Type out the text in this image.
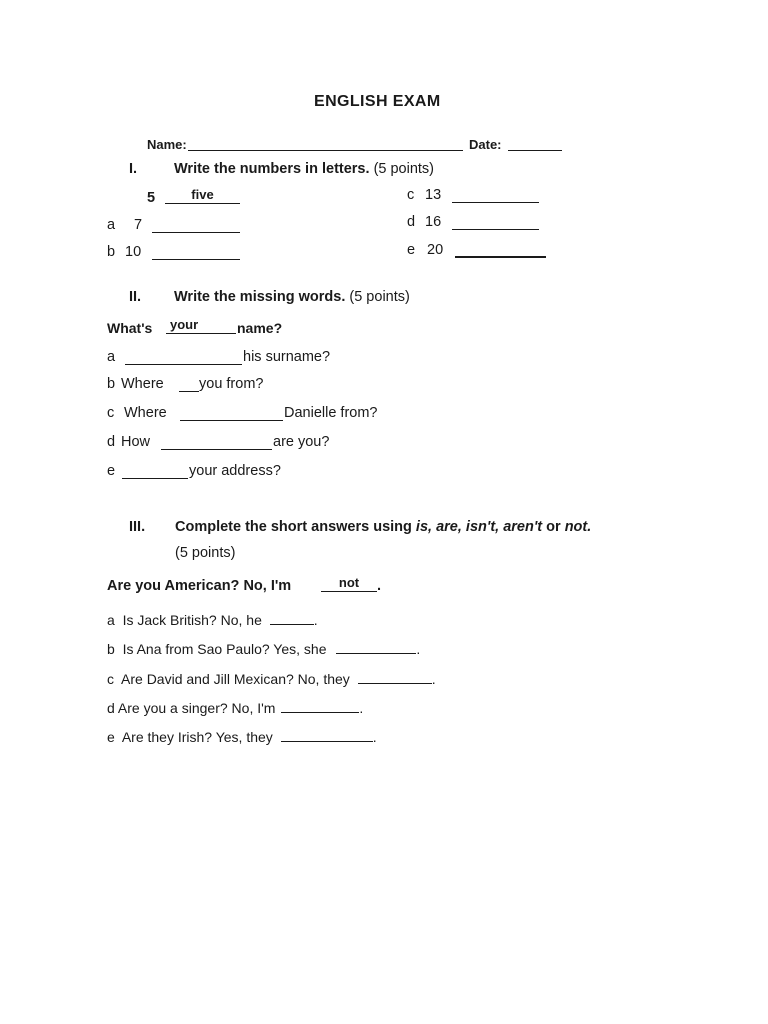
ENGLISH EXAM
Name:	Date:
I.	Write the numbers in letters. (5 points)
5	five
a 7
b 10
c 13
d 16
e 20
II. Write the missing words. (5 points)
What's	your	name?
a	his surname?
b Where you from?
c Where	Danielle from?
d How	are you?
e	your address?
III. Complete the short answers using is, are, isn't, aren't or not.
(5 points)
Are you American? No, I'm	not	.
a Is Jack British? No, he	.
b Is Ana from Sao Paulo? Yes, she	.
c Are David and Jill Mexican? No, they	.
d Are you a singer? No, I'm	.
e Are they Irish? Yes, they	.
